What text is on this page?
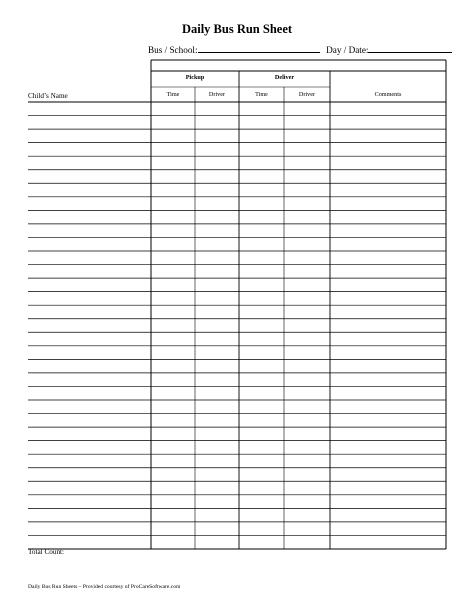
Daily Bus Run Sheet
Bus / School:	Day / Date:
Pickup	Deliver
Child’s Name	Time	Driver	Time	Driver	Comments
Total Count:
Daily Bus Run Sheets – Provided courtesy of ProCareSoftware.com
